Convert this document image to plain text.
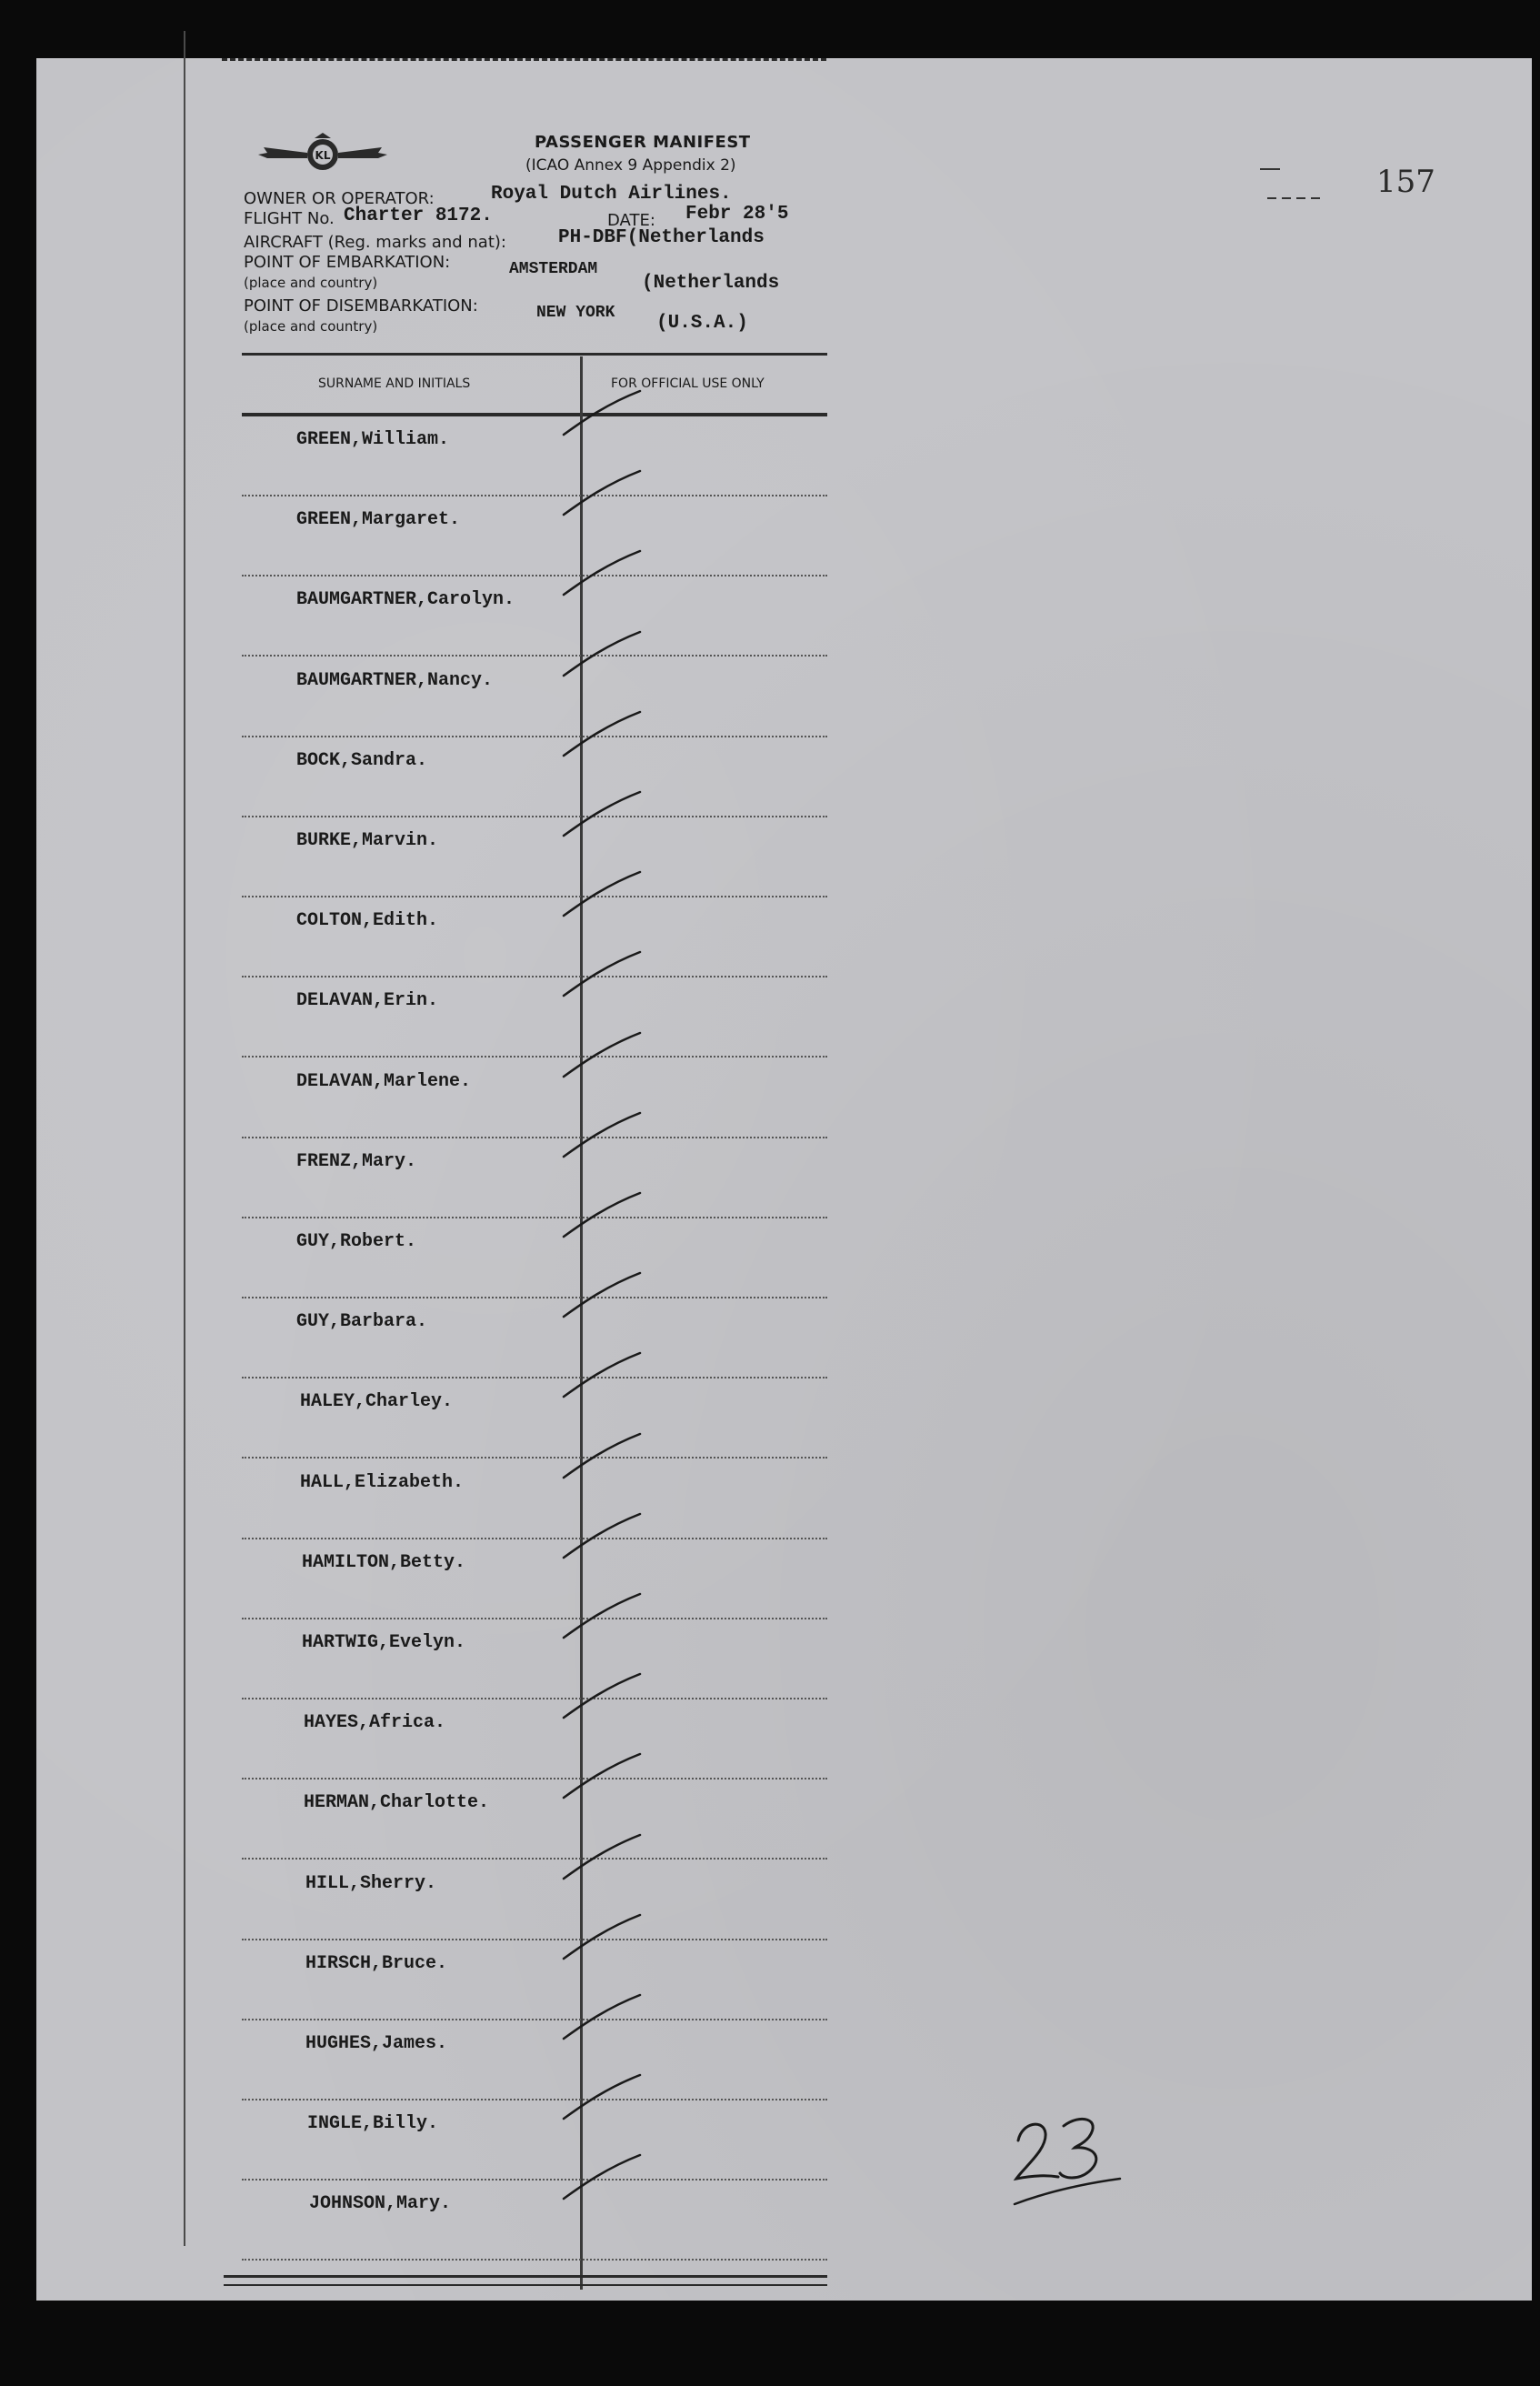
KL
PASSENGER MANIFEST
(ICAO Annex 9 Appendix 2)
OWNER OR OPERATOR:	Royal Dutch Airlines.
FLIGHT No. Charter 8172.	DATE: Febr 28'5
AIRCRAFT (Reg. marks and nat):	PH-DBF(Netherlands
POINT OF EMBARKATION:
(place and country)
AMSTERDAM
(Netherlands
POINT OF DISEMBARKATION:
(place and country)
NEW YORK (U.S.A.)
SURNAME AND INITIALS	FOR OFFICIAL USE ONLY
GREEN,William.
GREEN,Margaret.
BAUMGARTNER,Carolyn.
BAUMGARTNER,Nancy.
BOCK,Sandra.
BURKE,Marvin.
COLTON,Edith.
DELAVAN,Erin.
DELAVAN,Marlene.
FRENZ,Mary.
GUY,Robert.
GUY,Barbara.
HALEY,Charley.
HALL,Elizabeth.
HAMILTON,Betty.
HARTWIG,Evelyn.
HAYES,Africa.
HERMAN,Charlotte.
HILL,Sherry.
HIRSCH,Bruce.
HUGHES,James.
INGLE,Billy.
JOHNSON,Mary.
157
